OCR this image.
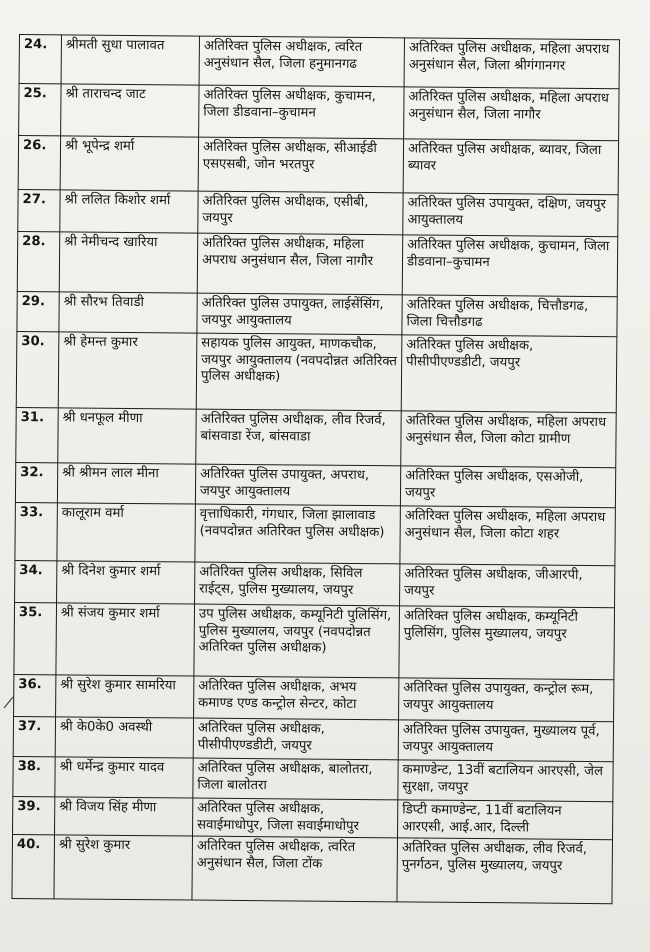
24.	श्रीमती सुधा पालावत	अतिरिक्त पुलिस अधीक्षक, त्वरित अनुसंधान सैल, जिला हनुमानगढ	अतिरिक्त पुलिस अधीक्षक, महिला अपराध अनुसंधान सैल, जिला श्रीगंगानगर
25.	श्री ताराचन्द जाट	अतिरिक्त पुलिस अधीक्षक, कुचामन, जिला डीडवाना–कुचामन	अतिरिक्त पुलिस अधीक्षक, महिला अपराध अनुसंधान सैल, जिला नागौर
26.	श्री भूपेन्द्र शर्मा	अतिरिक्त पुलिस अधीक्षक, सीआईडी एसएसबी, जोन भरतपुर	अतिरिक्त पुलिस अधीक्षक, ब्यावर, जिला ब्यावर
27.	श्री ललित किशोर शर्मा	अतिरिक्त पुलिस अधीक्षक, एसीबी, जयपुर	अतिरिक्त पुलिस उपायुक्त, दक्षिण, जयपुर आयुक्तालय
28.	श्री नेमीचन्द खारिया	अतिरिक्त पुलिस अधीक्षक, महिला अपराध अनुसंधान सैल, जिला नागौर	अतिरिक्त पुलिस अधीक्षक, कुचामन, जिला डीडवाना–कुचामन
29.	श्री सौरभ तिवाडी	अतिरिक्त पुलिस उपायुक्त, लाईसेंसिंग, जयपुर आयुक्तालय	अतिरिक्त पुलिस अधीक्षक, चित्तौडगढ, जिला चित्तौडगढ
30.	श्री हेमन्त कुमार	सहायक पुलिस आयुक्त, माणकचौक, जयपुर आयुक्तालय (नवपदोन्नत अतिरिक्त पुलिस अधीक्षक)	अतिरिक्त पुलिस अधीक्षक, पीसीपीएण्डडीटी, जयपुर
31.	श्री धनफूल मीणा	अतिरिक्त पुलिस अधीक्षक, लीव रिजर्व, बांसवाडा रेंज, बांसवाडा	अतिरिक्त पुलिस अधीक्षक, महिला अपराध अनुसंधान सैल, जिला कोटा ग्रामीण
32.	श्री श्रीमन लाल मीना	अतिरिक्त पुलिस उपायुक्त, अपराध, जयपुर आयुक्तालय	अतिरिक्त पुलिस अधीक्षक, एसओजी, जयपुर
33.	कालूराम वर्मा	वृत्ताधिकारी, गंगधार, जिला झालावाड (नवपदोन्नत अतिरिक्त पुलिस अधीक्षक)	अतिरिक्त पुलिस अधीक्षक, महिला अपराध अनुसंधान सैल, जिला कोटा शहर
34.	श्री दिनेश कुमार शर्मा	अतिरिक्त पुलिस अधीक्षक, सिविल राईट्स, पुलिस मुख्यालय, जयपुर	अतिरिक्त पुलिस अधीक्षक, जीआरपी, जयपुर
35.	श्री संजय कुमार शर्मा	उप पुलिस अधीक्षक, कम्यूनिटी पुलिसिंग, पुलिस मुख्यालय, जयपुर (नवपदोन्नत अतिरिक्त पुलिस अधीक्षक)	अतिरिक्त पुलिस अधीक्षक, कम्यूनिटी पुलिसिंग, पुलिस मुख्यालय, जयपुर
36.	श्री सुरेश कुमार सामरिया	अतिरिक्त पुलिस अधीक्षक, अभय कमाण्ड एण्ड कन्ट्रोल सेन्टर, कोटा	अतिरिक्त पुलिस उपायुक्त, कन्ट्रोल रूम, जयपुर आयुक्तालय
37.	श्री के0के0 अवस्थी	अतिरिक्त पुलिस अधीक्षक, पीसीपीएण्डडीटी, जयपुर	अतिरिक्त पुलिस उपायुक्त, मुख्यालय पूर्व, जयपुर आयुक्तालय
38.	श्री धर्मेन्द्र कुमार यादव	अतिरिक्त पुलिस अधीक्षक, बालोतरा, जिला बालोतरा	कमाण्डेन्ट, 13वीं बटालियन आरएसी, जेल सुरक्षा, जयपुर
39.	श्री विजय सिंह मीणा	अतिरिक्त पुलिस अधीक्षक, सवाईमाधोपुर, जिला सवाईमाधोपुर	डिप्टी कमाण्डेन्ट, 11वीं बटालियन आरएसी, आई.आर, दिल्ली
40.	श्री सुरेश कुमार	अतिरिक्त पुलिस अधीक्षक, त्वरित अनुसंधान सैल, जिला टोंक	अतिरिक्त पुलिस अधीक्षक, लीव रिजर्व, पुनर्गठन, पुलिस मुख्यालय, जयपुर
